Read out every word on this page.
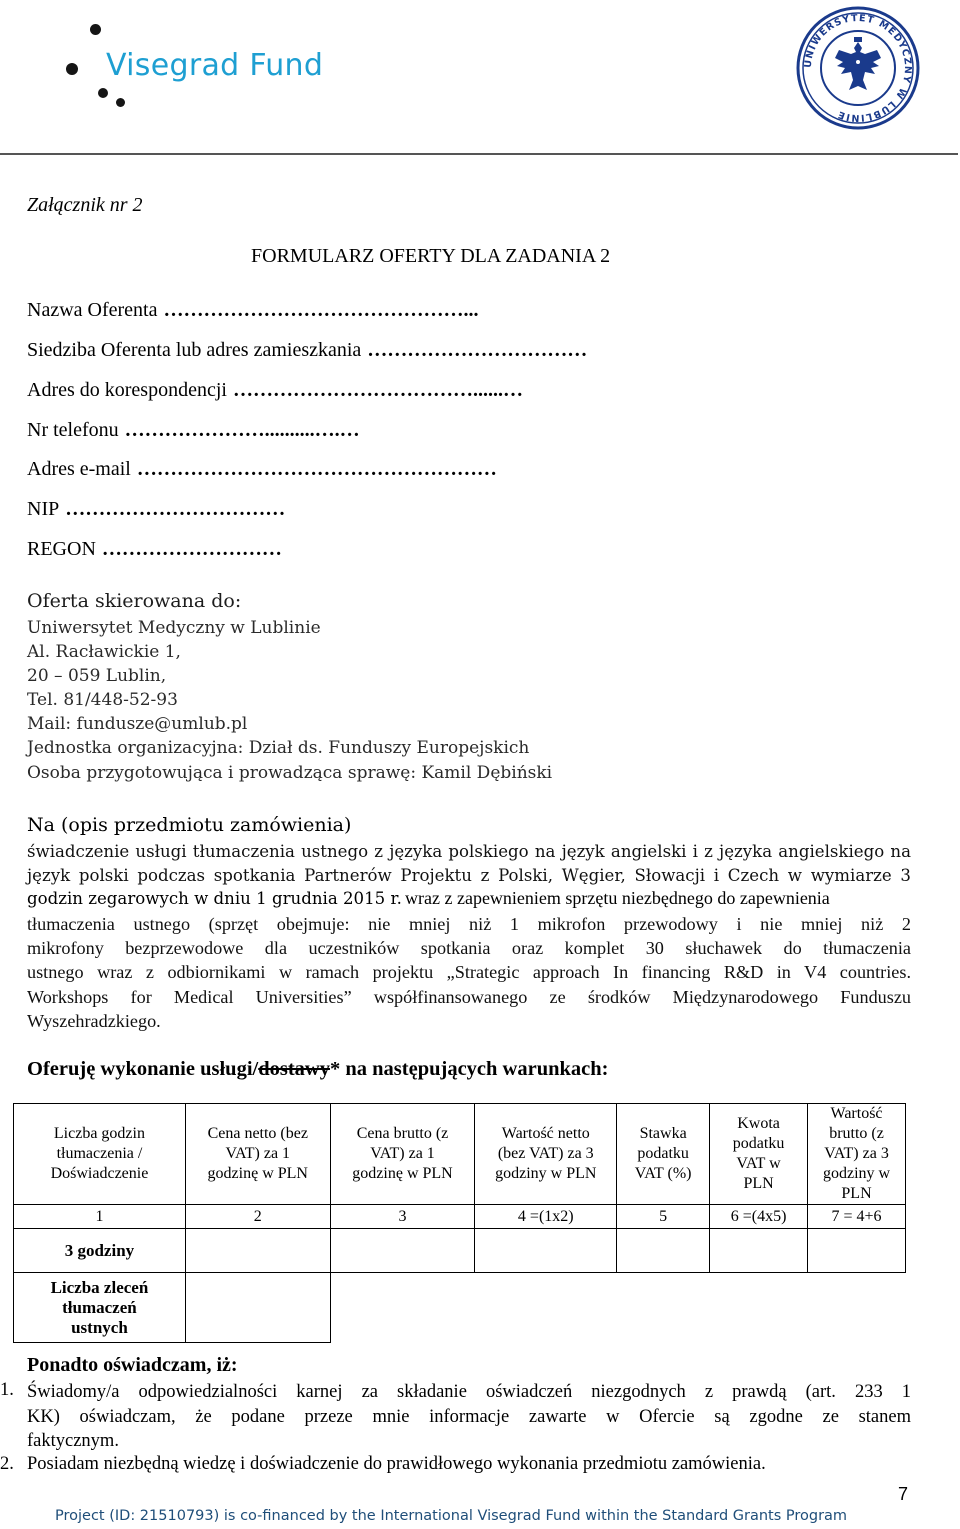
Visegrad Fund	UNIWERSYTET MEDYCZNY W LUBLINIE
Załącznik nr 2
FORMULARZ OFERTY DLA ZADANIA 2
Nazwa Oferenta ………………………………………...
Siedziba Oferenta lub adres zamieszkania ……………………………
Adres do korespondencji ………………………………......…
Nr telefonu …………………..........….…
Adres e-mail ………………………………………………
NIP ……………………………
REGON ………………………
Oferta skierowana do:
Uniwersytet Medyczny w Lublinie
Al. Racławickie 1,
20 – 059 Lublin,
Tel. 81/448-52-93
Mail: fundusze@umlub.pl
Jednostka organizacyjna: Dział ds. Funduszy Europejskich
Osoba przygotowująca i prowadząca sprawę: Kamil Dębiński
Na (opis przedmiotu zamówienia)
świadczenie usługi tłumaczenia ustnego z języka polskiego na język angielski i z języka angielskiego na
język polski podczas spotkania Partnerów Projektu z Polski, Węgier, Słowacji i Czech w wymiarze 3
godzin zegarowych w dniu 1 grudnia 2015 r. wraz z zapewnieniem sprzętu niezbędnego do zapewnienia
tłumaczenia ustnego (sprzęt obejmuje: nie mniej niż 1 mikrofon przewodowy i nie mniej niż 2
mikrofony bezprzewodowe dla uczestników spotkania oraz komplet 30 słuchawek do tłumaczenia
ustnego wraz z odbiornikami w ramach projektu „Strategic approach In financing R&D in V4 countries.
Workshops for Medical Universities” współfinansowanego ze środków Międzynarodowego Funduszu
Wyszehradzkiego.
Oferuję wykonanie usługi/dostawy* na następujących warunkach:
Liczba godzin tłumaczenia / Doświadczenie	Cena netto (bez VAT) za 1 godzinę w PLN	Cena brutto (z VAT) za 1 godzinę w PLN	Wartość netto (bez VAT) za 3 godziny w PLN	Stawka podatku VAT (%)	Kwota podatku VAT w PLN	Wartość brutto (z VAT) za 3 godziny w PLN
1	2	3	4 =(1x2)	5	6 =(4x5)	7 = 4+6
3 godziny						
Liczba zleceń tłumaczeń ustnych						
Ponadto oświadczam, iż:
1. Świadomy/a odpowiedzialności karnej za składanie oświadczeń niezgodnych z prawdą (art. 233 1
KK) oświadczam, że podane przeze mnie informacje zawarte w Ofercie są zgodne ze stanem
faktycznym.
2. Posiadam niezbędną wiedzę i doświadczenie do prawidłowego wykonania przedmiotu zamówienia.
7
Project (ID: 21510793) is co-financed by the International Visegrad Fund within the Standard Grants Program
